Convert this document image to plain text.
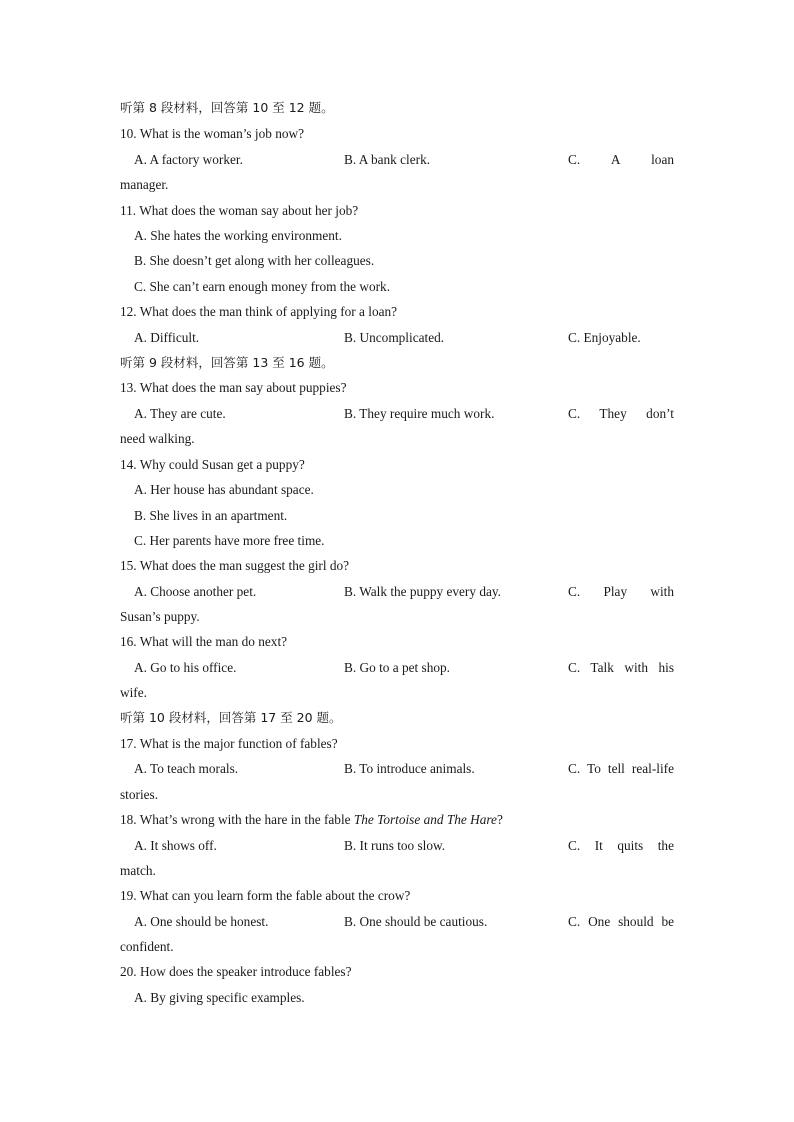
听第 8 段材料，回答第 10 至 12 题。
10. What is the woman’s job now?
A. A factory worker.	B. A bank clerk.	C. A loan
manager.
11. What does the woman say about her job?
A. She hates the working environment.
B. She doesn’t get along with her colleagues.
C. She can’t earn enough money from the work.
12. What does the man think of applying for a loan?
A. Difficult.	B. Uncomplicated.	C. Enjoyable.
听第 9 段材料，回答第 13 至 16 题。
13. What does the man say about puppies?
A. They are cute.	B. They require much work.	C. They don’t
need walking.
14. Why could Susan get a puppy?
A. Her house has abundant space.
B. She lives in an apartment.
C. Her parents have more free time.
15. What does the man suggest the girl do?
A. Choose another pet.	B. Walk the puppy every day.	C. Play with
Susan’s puppy.
16. What will the man do next?
A. Go to his office.	B. Go to a pet shop.	C. Talk with his
wife.
听第 10 段材料，回答第 17 至 20 题。
17. What is the major function of fables?
A. To teach morals.	B. To introduce animals.	C. To tell real-life
stories.
18. What’s wrong with the hare in the fable The Tortoise and The Hare?
A. It shows off.	B. It runs too slow.	C. It quits the
match.
19. What can you learn form the fable about the crow?
A. One should be honest.	B. One should be cautious.	C. One should be
confident.
20. How does the speaker introduce fables?
A. By giving specific examples.
